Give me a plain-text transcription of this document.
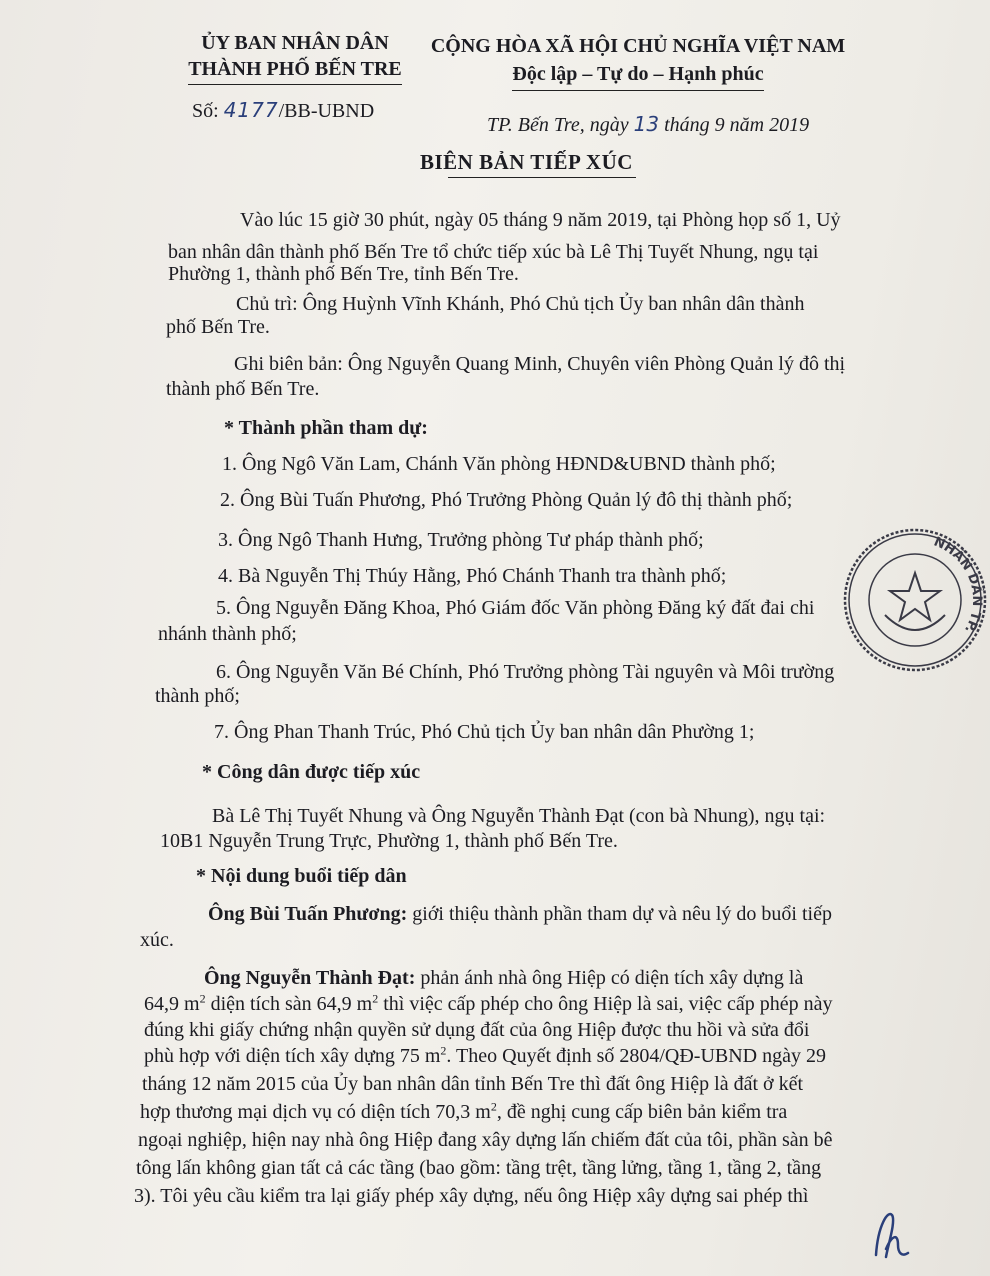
ỦY BAN NHÂN DÂN
THÀNH PHỐ BẾN TRE
CỘNG HÒA XÃ HỘI CHỦ NGHĨA VIỆT NAM
Độc lập – Tự do – Hạnh phúc
Số: 4177/BB-UBND
TP. Bến Tre, ngày 13 tháng 9 năm 2019
BIÊN BẢN TIẾP XÚC
Vào lúc 15 giờ 30 phút, ngày 05 tháng 9 năm 2019, tại Phòng họp số 1, Uỷ
ban nhân dân thành phố Bến Tre tổ chức tiếp xúc bà Lê Thị Tuyết Nhung, ngụ tại
Phường 1, thành phố Bến Tre, tỉnh Bến Tre.
Chủ trì: Ông Huỳnh Vĩnh Khánh, Phó Chủ tịch Ủy ban nhân dân thành
phố Bến Tre.
Ghi biên bản: Ông Nguyễn Quang Minh, Chuyên viên Phòng Quản lý đô thị
thành phố Bến Tre.
* Thành phần tham dự:
1. Ông Ngô Văn Lam, Chánh Văn phòng HĐND&UBND thành phố;
2. Ông Bùi Tuấn Phương, Phó Trưởng Phòng Quản lý đô thị thành phố;
3. Ông Ngô Thanh Hưng, Trưởng phòng Tư pháp thành phố;
4. Bà Nguyễn Thị Thúy Hằng, Phó Chánh Thanh tra thành phố;
5. Ông Nguyễn Đăng Khoa, Phó Giám đốc Văn phòng Đăng ký đất đai chi
nhánh thành phố;
6. Ông Nguyễn Văn Bé Chính, Phó Trưởng phòng Tài nguyên và Môi trường
thành phố;
7. Ông Phan Thanh Trúc, Phó Chủ tịch Ủy ban nhân dân Phường 1;
* Công dân được tiếp xúc
Bà Lê Thị Tuyết Nhung và Ông Nguyễn Thành Đạt (con bà Nhung), ngụ tại:
10B1 Nguyễn Trung Trực, Phường 1, thành phố Bến Tre.
* Nội dung buổi tiếp dân
Ông Bùi Tuấn Phương: giới thiệu thành phần tham dự và nêu lý do buổi tiếp
xúc.
Ông Nguyễn Thành Đạt: phản ánh nhà ông Hiệp có diện tích xây dựng là
64,9 $m^2$ diện tích sàn 64,9 $m^2$ thì việc cấp phép cho ông Hiệp là sai, việc cấp phép này
đúng khi giấy chứng nhận quyền sử dụng đất của ông Hiệp được thu hồi và sửa đổi
phù hợp với diện tích xây dựng 75 $m^2$. Theo Quyết định số 2804/QĐ-UBND ngày 29
tháng 12 năm 2015 của Ủy ban nhân dân tỉnh Bến Tre thì đất ông Hiệp là đất ở kết
hợp thương mại dịch vụ có diện tích 70,3 $m^2$, đề nghị cung cấp biên bản kiểm tra
ngoại nghiệp, hiện nay nhà ông Hiệp đang xây dựng lấn chiếm đất của tôi, phần sàn bê
tông lấn không gian tất cả các tầng (bao gồm: tầng trệt, tầng lửng, tầng 1, tầng 2, tầng
3). Tôi yêu cầu kiểm tra lại giấy phép xây dựng, nếu ông Hiệp xây dựng sai phép thì
NHÂN DÂN TP.
